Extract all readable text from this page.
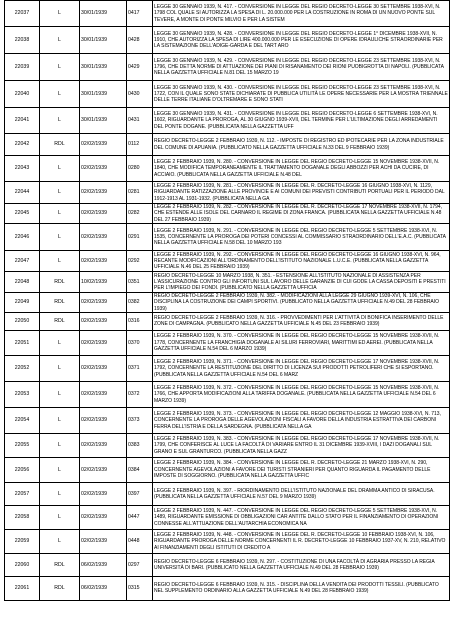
22037	L	30/01/1939	0417	LEGGE 30 GENNAIO 1939, N. 417. - CONVERSIONE IN LEGGE DEL REGIO DECRETO-LEGGE 30 SETTEMBRE 1938-XVI, N. 1798 COL QUALE SI AUTORIZZA LA SPESA DI L. 20.000.000 PER LA COSTRUZIONE IN ROMA DI UN NUOVO PONTE SUL TEVERE, A MONTE DI PONTE MILVIO E PER LA SISTEM
22038	L	30/01/1939	0428	LEGGE 30 GENNAIO 1939, N. 428. - CONVERSIONE IN LEGGE DEL REGIO DECRETO-LEGGE 1° DICEMBRE 1938-XVII, N. 1910, CHE AUTORIZZA LA SPESA DI LIRE 400.000.000 PER LE ESECUZIONE DI OPERE IDRAULICHE STRAORDINARIE PER LA SISTEMAZIONE DELL'ADIGE-GARDA E DEL TART ARO
22039	L	30/01/1939	0429	LEGGE 30 GENNAIO 1939, N. 429. - CONVERSIONE IN LEGGE DEL REGIO DECRETO-LEGGE 23 SETTEMBRE 1938-XVI, N. 1796, CHE DETTA NORME DI ATTUAZIONE DEI PIANI DI RISANAMENTO DEI RIONI PUOBIGROTTA DI NAPOLI. (PUBBLICATA NELLA GAZZETTA UFFICIALE N.81 DEL 15 MARZO 19
22040	L	30/01/1939	0430	LEGGE 30 GENNAIO 1939, N. 430. - CONVERSIONE IN LEGGE DEL REGIO DECRETO-LEGGE 23 SETTEMBRE 1938-XVI, N. 1722, CON IL QUALE SONO STATE DICHIARATE DI PUBBLICA UTILITÀ LE OPERE NECESSARIE PER LA MOSTRA TRIENNALE DELLE TERRE ITALIANE D'OLTREMARE E SONO STATI
22041	L	30/01/1939	0431	LEGGE 30 GENNAIO 1939, N. 431. - CONVERSIONE IN LEGGE DEL REGIO DECRETO-LEGGE 6 SETTEMBRE 1938-XVI, N. 1602, RIGUARDANTE LA PROROGA, AL 30 GIUGNO 1939-XVII, DEL TERMINE PER L'ULTIMAZIONE DEGLI ARREDAMENTI DEL PONTE DOGANE. (PUBBLICATA NELLA GAZZETTA UFF
22042	RDL	02/02/1939	0112	REGIO DECRETO-LEGGE 2 FEBBRAIO 1939, N. 112. - IMPOSTE DI REGISTRO ED IPOTECARIE PER LA ZONA INDUSTRIALE DEL COMUNE DI APUANIA. (PUBBLICATO NELLA GAZZETTA UFFICIALE N.33 DEL 9 FEBBRAIO 1939)
22043	L	02/02/1939	0280	LEGGE 2 FEBBRAIO 1939, N. 280. - CONVERSIONE IN LEGGE DEL REGIO DECRETO-LEGGE 15 NOVEMBRE 1938-XVII, N. 1840, CHE MODIFICA TEMPORANEAMENTE IL TRATTAMENTO DOGANALE DEGLI ABBOZZI PER ACHI DA CUCIRE, DI ACCIAIO. (PUBBLICATA NELLA GAZZETTA UFFICIALE N.48 DEL
22044	L	02/02/1939	0281	LEGGE 2 FEBBRAIO 1939, N. 281. - CONVERSIONE IN LEGGE DEL R. DECRETO-LEGGE 16 GIUGNO 1938-XVI, N. 1129, RIGUARDANTE RATIZZAZIONE ALLE PROVINCIE E AI COMUNI DEI PREVISTI CONTRIBUTI PORTUALI PER IL PERIODO DAL 1912-1913 AL 1931-1932. (PUBBLICATA NELLA GA
22045	L	02/02/1939	0282	LEGGE 2 FEBBRAIO 1939, N. 282. - CONVERSIONE IN LEGGE DEL R. DECRETO-LEGGE 17 NOVEMBRE 1938-XVII, N. 1794, CHE ESTENDE ALLE ISOLE DEL CARNARO IL REGIME DI ZONA FRANCA. (PUBBLICATA NELLA GAZZETTA UFFICIALE N.48 DEL 27 FEBBRAIO 1939)
22046	L	02/02/1939	0291	LEGGE 2 FEBBRAIO 1939, N. 291. - CONVERSIONE IN LEGGE DEL REGIO DECRETO-LEGGE 5 SETTEMBRE 1938-XVI, N. 1535, CONCERNENTE LA PROROGA DEI POTERI CONCESSI AL COMMISSARIO STRAORDINARIO DELL'E.A.C. (PUBBLICATA NELLA GAZZETTA UFFICIALE N.58 DEL 10 MARZO 193
22047	L	02/02/1939	0292	LEGGE 2 FEBBRAIO 1939, N. 292. - CONVERSIONE IN LEGGE DEL REGIO DECRETO-LEGGE 16 GIUGNO 1938-XVI, N. 964, RECANTE MODIFICAZIONI ALL'ORDINAMENTO DELL'ISTITUTO NAZIONALE L.U.C.E. (PUBBLICATA NELLA GAZZETTA UFFICIALE N.46 DEL 25 FEBBRAIO 1939)
22048	RDL	10/02/1939	0351	REGIO DECRETO-LEGGE 10 MARZO 1938, N. 351. - ESTENSIONE ALL'ISTITUTO NAZIONALE DI ASSISTENZA PER L'ASSICURAZIONE CONTRO GLI INFORTUNI SUL LAVORO DELLE GARANZIE DI CUI GODE LA CASSA DEPOSITI E PRESTITI PER L'IMPIEGO DEI FONDI. (PUBBLICATO NELLA GAZZETTA UFFICIA
22049	RDL	02/02/1939	0382	REGIO DECRETO-LEGGE 2 FEBBRAIO 1939, N. 382. - MODIFICAZIONI ALLA LEGGE 29 GIUGNO 1939-XVI, N. 106, CHE DISCIPLINA LA COSTRUZIONE DEI CAMPI SPORTIVI. (PUBBLICATO NELLA GAZZETTA UFFICIALE N.49 DEL 28 FEBBRAIO 1939)
22050	RDL	02/02/1939	0316	REGIO DECRETO-LEGGE 2 FEBBRAIO 1939, N. 316. - PROVVEDIMENTI PER L'ATTIVITÀ DI BONIFICA INSERIMENTO DELLE ZONE DI CAMPAGNA. (PUBBLICATO NELLA GAZZETTA UFFICIALE N.45 DEL 23 FEBBRAIO 1939)
22051	L	02/02/1939	0370	LEGGE 2 FEBBRAIO 1939, N. 370. - CONVERSIONE IN LEGGE DEL REGIO DECRETO-LEGGE 15 NOVEMBRE 1938-XVII, N. 1778, CONCERNENTE LA FRANCHIGIA DOGANALE AI SILURI FERROVIARI, MARITTIMI ED AEREI. (PUBBLICATA NELLA GAZZETTA UFFICIALE N.54 DEL 6 MARZO 1939)
22052	L	02/02/1939	0371	LEGGE 2 FEBBRAIO 1939, N. 371. - CONVERSIONE IN LEGGE DEL REGIO DECRETO-LEGGE 17 NOVEMBRE 1938-XVII, N. 1792, CONCERNENTE LA RESTITUZIONE DEL DIRITTO DI LICENZA SUI PRODOTTI PETROLIFERI CHE SI ESPORTANO. (PUBBLICATA NELLA GAZZETTA UFFICIALE N.54 DEL 6 MARZ
22053	L	02/02/1939	0372	LEGGE 2 FEBBRAIO 1939, N. 372. - CONVERSIONE IN LEGGE DEL REGIO DECRETO-LEGGE 15 NOVEMBRE 1938-XVII, N. 1766, CHE APPORTA MODIFICAZIONI ALLA TARIFFA DOGANALE. (PUBBLICATA NELLA GAZZETTA UFFICIALE N.54 DEL 6 MARZO 1939)
22054	L	02/02/1939	0373	LEGGE 2 FEBBRAIO 1939, N. 373. - CONVERSIONE IN LEGGE DEL REGIO DECRETO-LEGGE 12 MAGGIO 1938-XVI, N. 713, CONCERNENTE LA PROROGA DELLE AGEVOLAZIONI FISCALI A FAVORE DELLA INDUSTRIA ESTRATTIVA DEI CARBONI FERRA DELL'ISTRIA E DELLA SARDEGNA. (PUBBLICATA NELLA GA
22055	L	02/02/1939	0383	LEGGE 2 FEBBRAIO 1939, N. 383. - CONVERSIONE IN LEGGE DEL REGIO DECRETO-LEGGE 17 NOVEMBRE 1938-XVII, N. 1799, CHE CONFERISCE AL LUCE LA FACOLTÀ DI VARIARE ENTRO IL 31 DICEMBRE 1939-XVIII, I DAZI DOGANALI SUL GRANO E SUL GRANTURCO. (PUBBLICATA NELLA GAZZ
22056	L	02/02/1939	0384	LEGGE 2 FEBBRAIO 1939, N. 384. - CONVERSIONE IN LEGGE DEL R. DECRETO-LEGGE 21 MARZO 1938-XVI, N. 290, CONCERNENTE AGEVOLAZIONI A FAVORE DEI TURISTI STRANIERI PER QUANTO RIGUARDA IL PAGAMENTO DELLE IMPOSTE DI SOGGIORNO. (PUBBLICATA NELLA GAZZETTA UFFIC
22057	L	02/02/1939	0397	LEGGE 2 FEBBRAIO 1939, N. 397. - RIORDINAMENTO DELL'ISTITUTO NAZIONALE DEL DRAMMA ANTICO DI SIRACUSA. (PUBBLICATA NELLA GAZZETTA UFFICIALE N.57 DEL 9 MARZO 1939)
22058	L	02/02/1939	0447	LEGGE 2 FEBBRAIO 1939, N. 447. - CONVERSIONE IN LEGGE DEL REGIO DECRETO-LEGGE 5 SETTEMBRE 1938-XVI, N. 1489, RIGUARDANTE EMISSIONE DI OBBLIGAZIONI CAR ANTITE DALLO STATO PER IL FINANZIAMENTO DI OPERAZIONI CONNESSE ALL'ATTUAZIONE DELL'AUTARCHIA ECONOMICA NA
22059	L	02/02/1939	0448	LEGGE 2 FEBBRAIO 1939, N. 448. - CONVERSIONE IN LEGGE DEL R. DECRETO-LEGGE 10 FEBBRAIO 1938-XVI, N. 106, RIGUARDANTE PROROGA DELLE NORME CONCERNENTI IL R. DECRETO-LEGGE 10 FEBBRAIO 1937-XV, N. 210, RELATIVO AI FINANZIAMENTI DEGLI ISTITUTI DI CREDITO A
22060	RDL	06/02/1939	0297	REGIO DECRETO-LEGGE 6 FEBBRAIO 1939, N. 297. - COSTITUZIONE DI UNA FACOLTÀ DI AGRARIA PRESSO LA REGIA UNIVERSITÀ DI BARI. (PUBBLICATO NELLA GAZZETTA UFFICIALE N.49 DEL 28 FEBBRAIO 1939)
22061	RDL	06/02/1939	0315	REGIO DECRETO-LEGGE 6 FEBBRAIO 1939, N. 315. - DISCIPLINA DELLA VENDITA DEI PRODOTTI TESSILI. (PUBBLICATO NEL SUPPLEMENTO ORDINARIO ALLA GAZZETTA UFFICIALE N.49 DEL 28 FEBBRAIO 1939)
